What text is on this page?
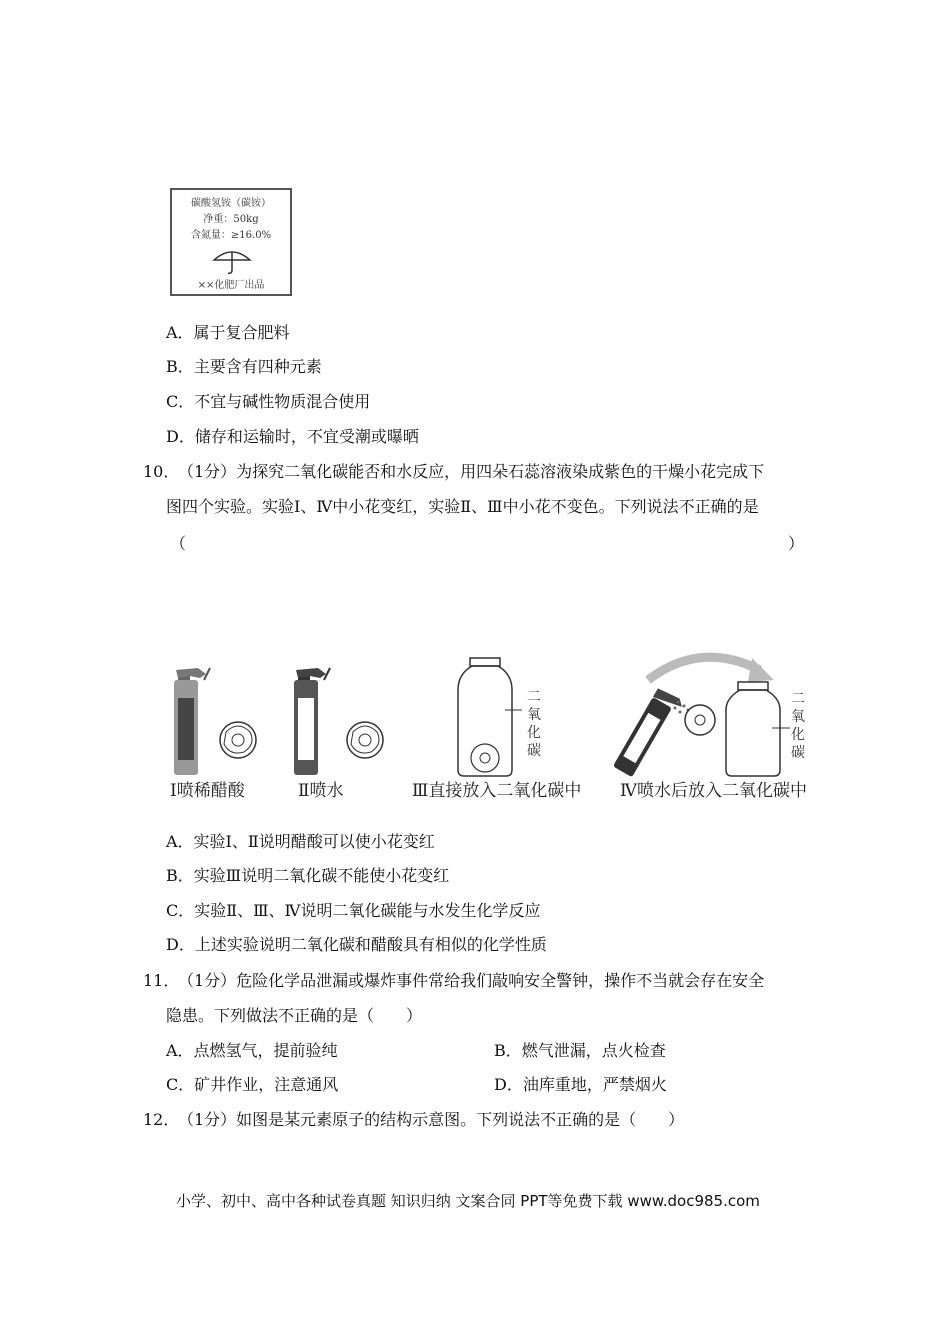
碳酸氢铵（碳铵）
净重：50kg
含氮量：≥16.0%
××化肥厂出品
A．属于复合肥料
B．主要含有四种元素
C．不宜与碱性物质混合使用
D．储存和运输时，不宜受潮或曝晒
10．
（1分）为探究二氧化碳能否和水反应，用四朵石蕊溶液染成紫色的干燥小花完成下
图四个实验。实验Ⅰ、Ⅳ中小花变红，实验Ⅱ、Ⅲ中小花不变色。下列说法不正确的是
（	）
二
氧
化
碳
二
氧
化
碳
Ⅰ喷稀醋酸	Ⅱ喷水	Ⅲ直接放入二氧化碳中 Ⅳ喷水后放入二氧化碳中
A．实验Ⅰ、Ⅱ说明醋酸可以使小花变红
B．实验Ⅲ说明二氧化碳不能使小花变红
C．实验Ⅱ、Ⅲ、Ⅳ说明二氧化碳能与水发生化学反应
D．上述实验说明二氧化碳和醋酸具有相似的化学性质
11．
（1分）危险化学品泄漏或爆炸事件常给我们敲响安全警钟，操作不当就会存在安全
隐患。下列做法不正确的是（　　）
A．点燃氢气，提前验纯	B．燃气泄漏，点火检查
C．矿井作业，注意通风	D．油库重地，严禁烟火
12．
（1分）如图是某元素原子的结构示意图。下列说法不正确的是（　　）
小学、初中、高中各种试卷真题 知识归纳 文案合同 PPT等免费下载 www.doc985.com
